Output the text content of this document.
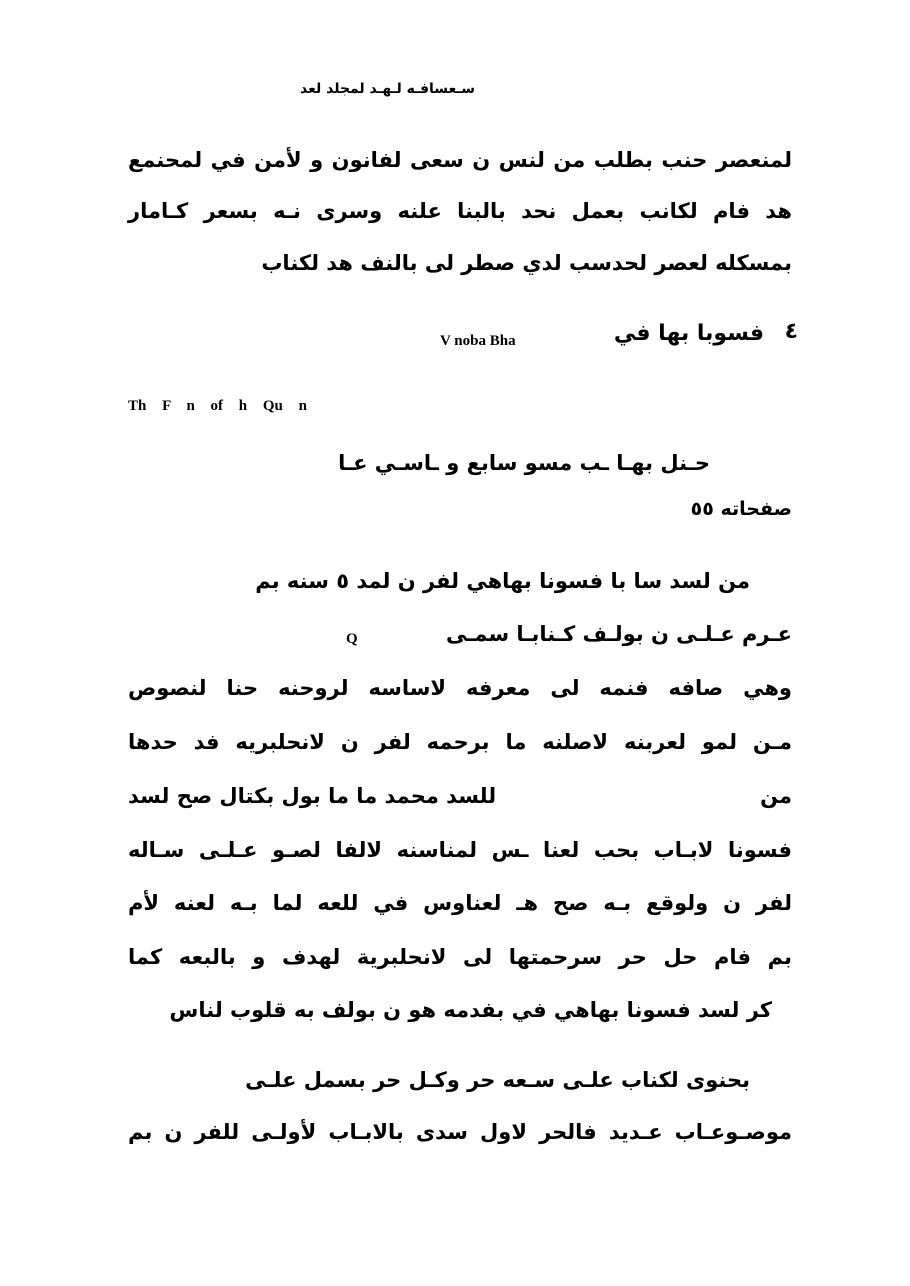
سـعسافـه لـهـد لمجلد لعد
لمنعصر حنب بطلب من لنس ن سعى لفانون و لأمن في لمحنمع
هد فام لكانب بعمل نحد بالبنا علنه وسرى نـه بسعر كـامار
بمسكله لعصر لحدسب لدي صطر لى بالنف هد لكناب
٤
فسوبا بها في
V noba Bha
Th F n of h Qu n
حـنل بهـا ـب مسو سابع و ـاسـي عـا
صفحاته ٥٥
من لسد سا با فسونا بهاهي لفر ن لمد ٥ سنه بم
عـرم عـلـى ن بولـف كـنابـا سمـى
Q
وهي صافه فنمه لى معرفه لاساسه لروحنه حنا لنصوص
مـن لمو لعربنه لاصلنه ما برحمه لفر ن لانحلبريه فد حدها
من
للسد محمد ما ما بول بكتال صح لسد
فسونا لابـاب بحب لعنا ـس لمناسنه لالفا لصـو عـلـى سـاله
لفر ن ولوقع بـه صح هـ لعناوس في للعه لما بـه لعنه لأم
بم فام حل حر سرحمتها لى لانحلبرية لهدف و بالبعه كما
كر لسد فسونا بهاهي في بفدمه هو ن بولف به قلوب لناس
بحنوى لكناب علـى سـعه حر وكـل حر بسمل علـى
موصـوعـاب عـديد فالحر لاول سدى بالابـاب لأولـى للفر ن بم
